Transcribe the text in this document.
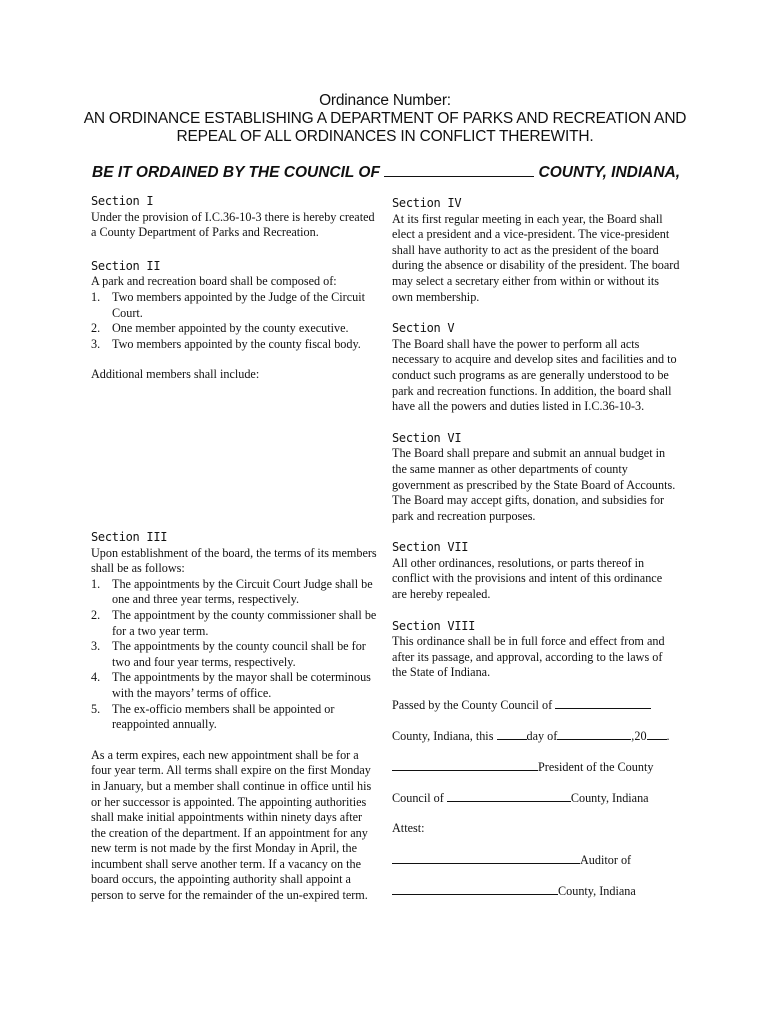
Ordinance Number:
AN ORDINANCE ESTABLISHING A DEPARTMENT OF PARKS AND RECREATION AND
REPEAL OF ALL ORDINANCES IN CONFLICT THEREWITH.
BE IT ORDAINED BY THE COUNCIL OF	COUNTY, INDIANA,

Section I

Under the provision of I.C.36-10-3 there is hereby created a County Department of Parks and Recreation.

Section II

A park and recreation board shall be composed of:

1. Two members appointed by the Judge of the Circuit Court.
2. One member appointed by the county executive.
3. Two members appointed by the county fiscal body.

Additional members shall include:

Section III

Upon establishment of the board, the terms of its members shall be as follows:

1. The appointments by the Circuit Court Judge shall be one and three year terms, respectively.
2. The appointment by the county commissioner shall be for a two year term.
3. The appointments by the county council shall be for two and four year terms, respectively.
4. The appointments by the mayor shall be coterminous with the mayors’ terms of office.
5. The ex-officio members shall be appointed or reappointed annually.

As a term expires, each new appointment shall be for a four year term. All terms shall expire on the first Monday in January, but a member shall continue in office until his or her successor is appointed. The appointing authorities shall make initial appointments within ninety days after the creation of the department. If an appointment for any new term is not made by the first Monday in April, the incumbent shall serve another term. If a vacancy on the board occurs, the appointing authority shall appoint a person to serve for the remainder of the un-expired term.

Section IV

At its first regular meeting in each year, the Board shall elect a president and a vice-president. The vice-president shall have authority to act as the president of the board during the absence or disability of the president. The board may select a secretary either from within or without its own membership.

Section V

The Board shall have the power to perform all acts necessary to acquire and develop sites and facilities and to conduct such programs as are generally understood to be park and recreation functions. In addition, the board shall have all the powers and duties listed in I.C.36-10-3.

Section VI

The Board shall prepare and submit an annual budget in the same manner as other departments of county government as prescribed by the State Board of Accounts. The Board may accept gifts, donation, and subsidies for park and recreation purposes.

Section VII

All other ordinances, resolutions, or parts thereof in conflict with the provisions and intent of this ordinance are hereby repealed.

Section VIII

This ordinance shall be in full force and effect from and after its passage, and approval, according to the laws of the State of Indiana.

Passed by the County Council of

County, Indiana, this	day of	,20 .

President of the County

Council of	County, Indiana

Attest:

Auditor of

County, Indiana
